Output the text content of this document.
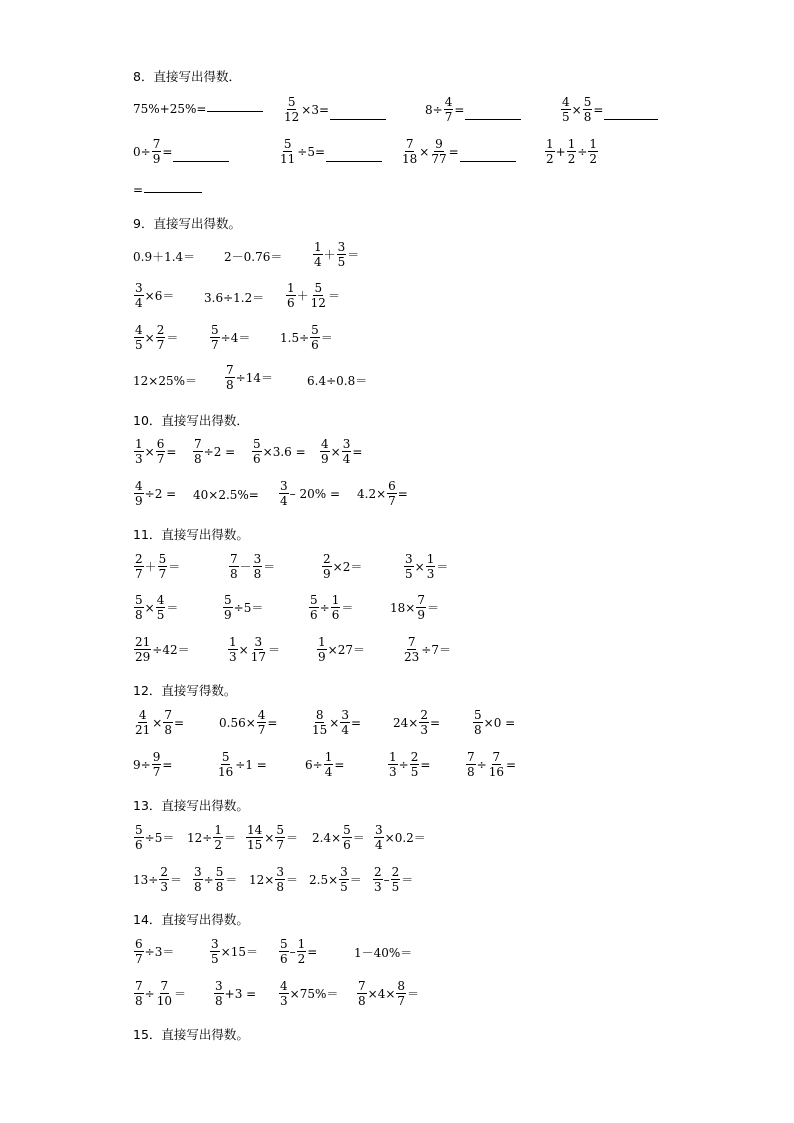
8．直接写出得数．
9．直接写出得数。
10．直接写出得数．
11．直接写出得数。
12．直接写得数。
13．直接写出得数。
14．直接写出得数。
15．直接写出得数。
75%+25%=	$\frac{5}{12} \times 3=$	$8\div \frac{4}{7}$ =	$\frac{4}{5} \times \frac{5}{8}$ =
$0\div \frac{7}{9}$ =	$\frac{5}{11} \div 5=$	$\frac{7}{18} \times \frac{9}{77}$ =	$\frac{1}{2} + \frac{1}{2} \div \frac{1}{2}$
=
0.9＋1.4＝ 2－0.76＝	$\frac{1}{4} + \frac{3}{5}$ ＝
$\frac{3}{4} \times 6= 3.6\div 1.2= \frac{1}{6} + \frac{5}{12}$ ＝
$\frac{4}{5} \times \frac{2}{7}$ ＝	$\frac{5}{7} \div 4= 1.5\div \frac{5}{6}$ ＝
$12\times 25\%= \frac{7}{8} \div 14=$	6.4÷0.8＝
$\frac{1}{3} \times \frac{6}{7} = \frac{7}{8} \div 2 = \frac{5}{6} \times 3.6 = \frac{4}{9} \times \frac{3}{4}$ =
$\frac{4}{9} \div 2 = 40\times 2.5\%= \frac{3}{4} - 20\% = 4.2\times \frac{6}{7}$ =
$\frac{2}{7} + \frac{5}{7}$ ＝	$\frac{7}{8} - \frac{3}{8}$ ＝	$\frac{2}{9} \times 2=$	$\frac{3}{5} \times \frac{1}{3}$ ＝
$\frac{5}{8} \times \frac{4}{5}$ ＝	$\frac{5}{9} \div 5=$	$\frac{5}{6} \div \frac{1}{6}$ ＝	$18\times \frac{7}{9}$ ＝
$\frac{21}{29} \div 42=$	$\frac{1}{3} \times \frac{3}{17}$ ＝	$\frac{1}{9} \times 27=$	$\frac{7}{23} \div 7=$
$\frac{4}{21} \times \frac{7}{8}$ =	$0.56\times \frac{4}{7}$ =	$\frac{8}{15} \times \frac{3}{4}$ =	$24\times \frac{2}{3}$ =	$\frac{5}{8} \times 0$ =
$9\div \frac{9}{7}$ =	$\frac{5}{16} \div 1$ =	$6\div \frac{1}{4}$ =	$\frac{1}{3} \div \frac{2}{5}$ =	$\frac{7}{8} \div \frac{7}{16}$ =
$\frac{5}{6} \div 5= 12\div \frac{1}{2} = \frac{14}{15} \times \frac{5}{7} = 2.4\times \frac{5}{6} = \frac{3}{4} \times 0.2=$
$13\div \frac{2}{3} = \frac{3}{8} \div \frac{5}{8} = 12\times \frac{3}{8} = 2.5\times \frac{3}{5} = \frac{2}{3} - \frac{2}{5}$ ＝
$\frac{6}{7} \div 3=$	$\frac{3}{5} \times 15= \frac{5}{6} - \frac{1}{2}$ =	1－40%＝
$\frac{7}{8} \div \frac{7}{10} = \frac{3}{8} +3 = \frac{4}{3} \times 75\%= \frac{7}{8} \times 4\times \frac{8}{7}$ ＝
